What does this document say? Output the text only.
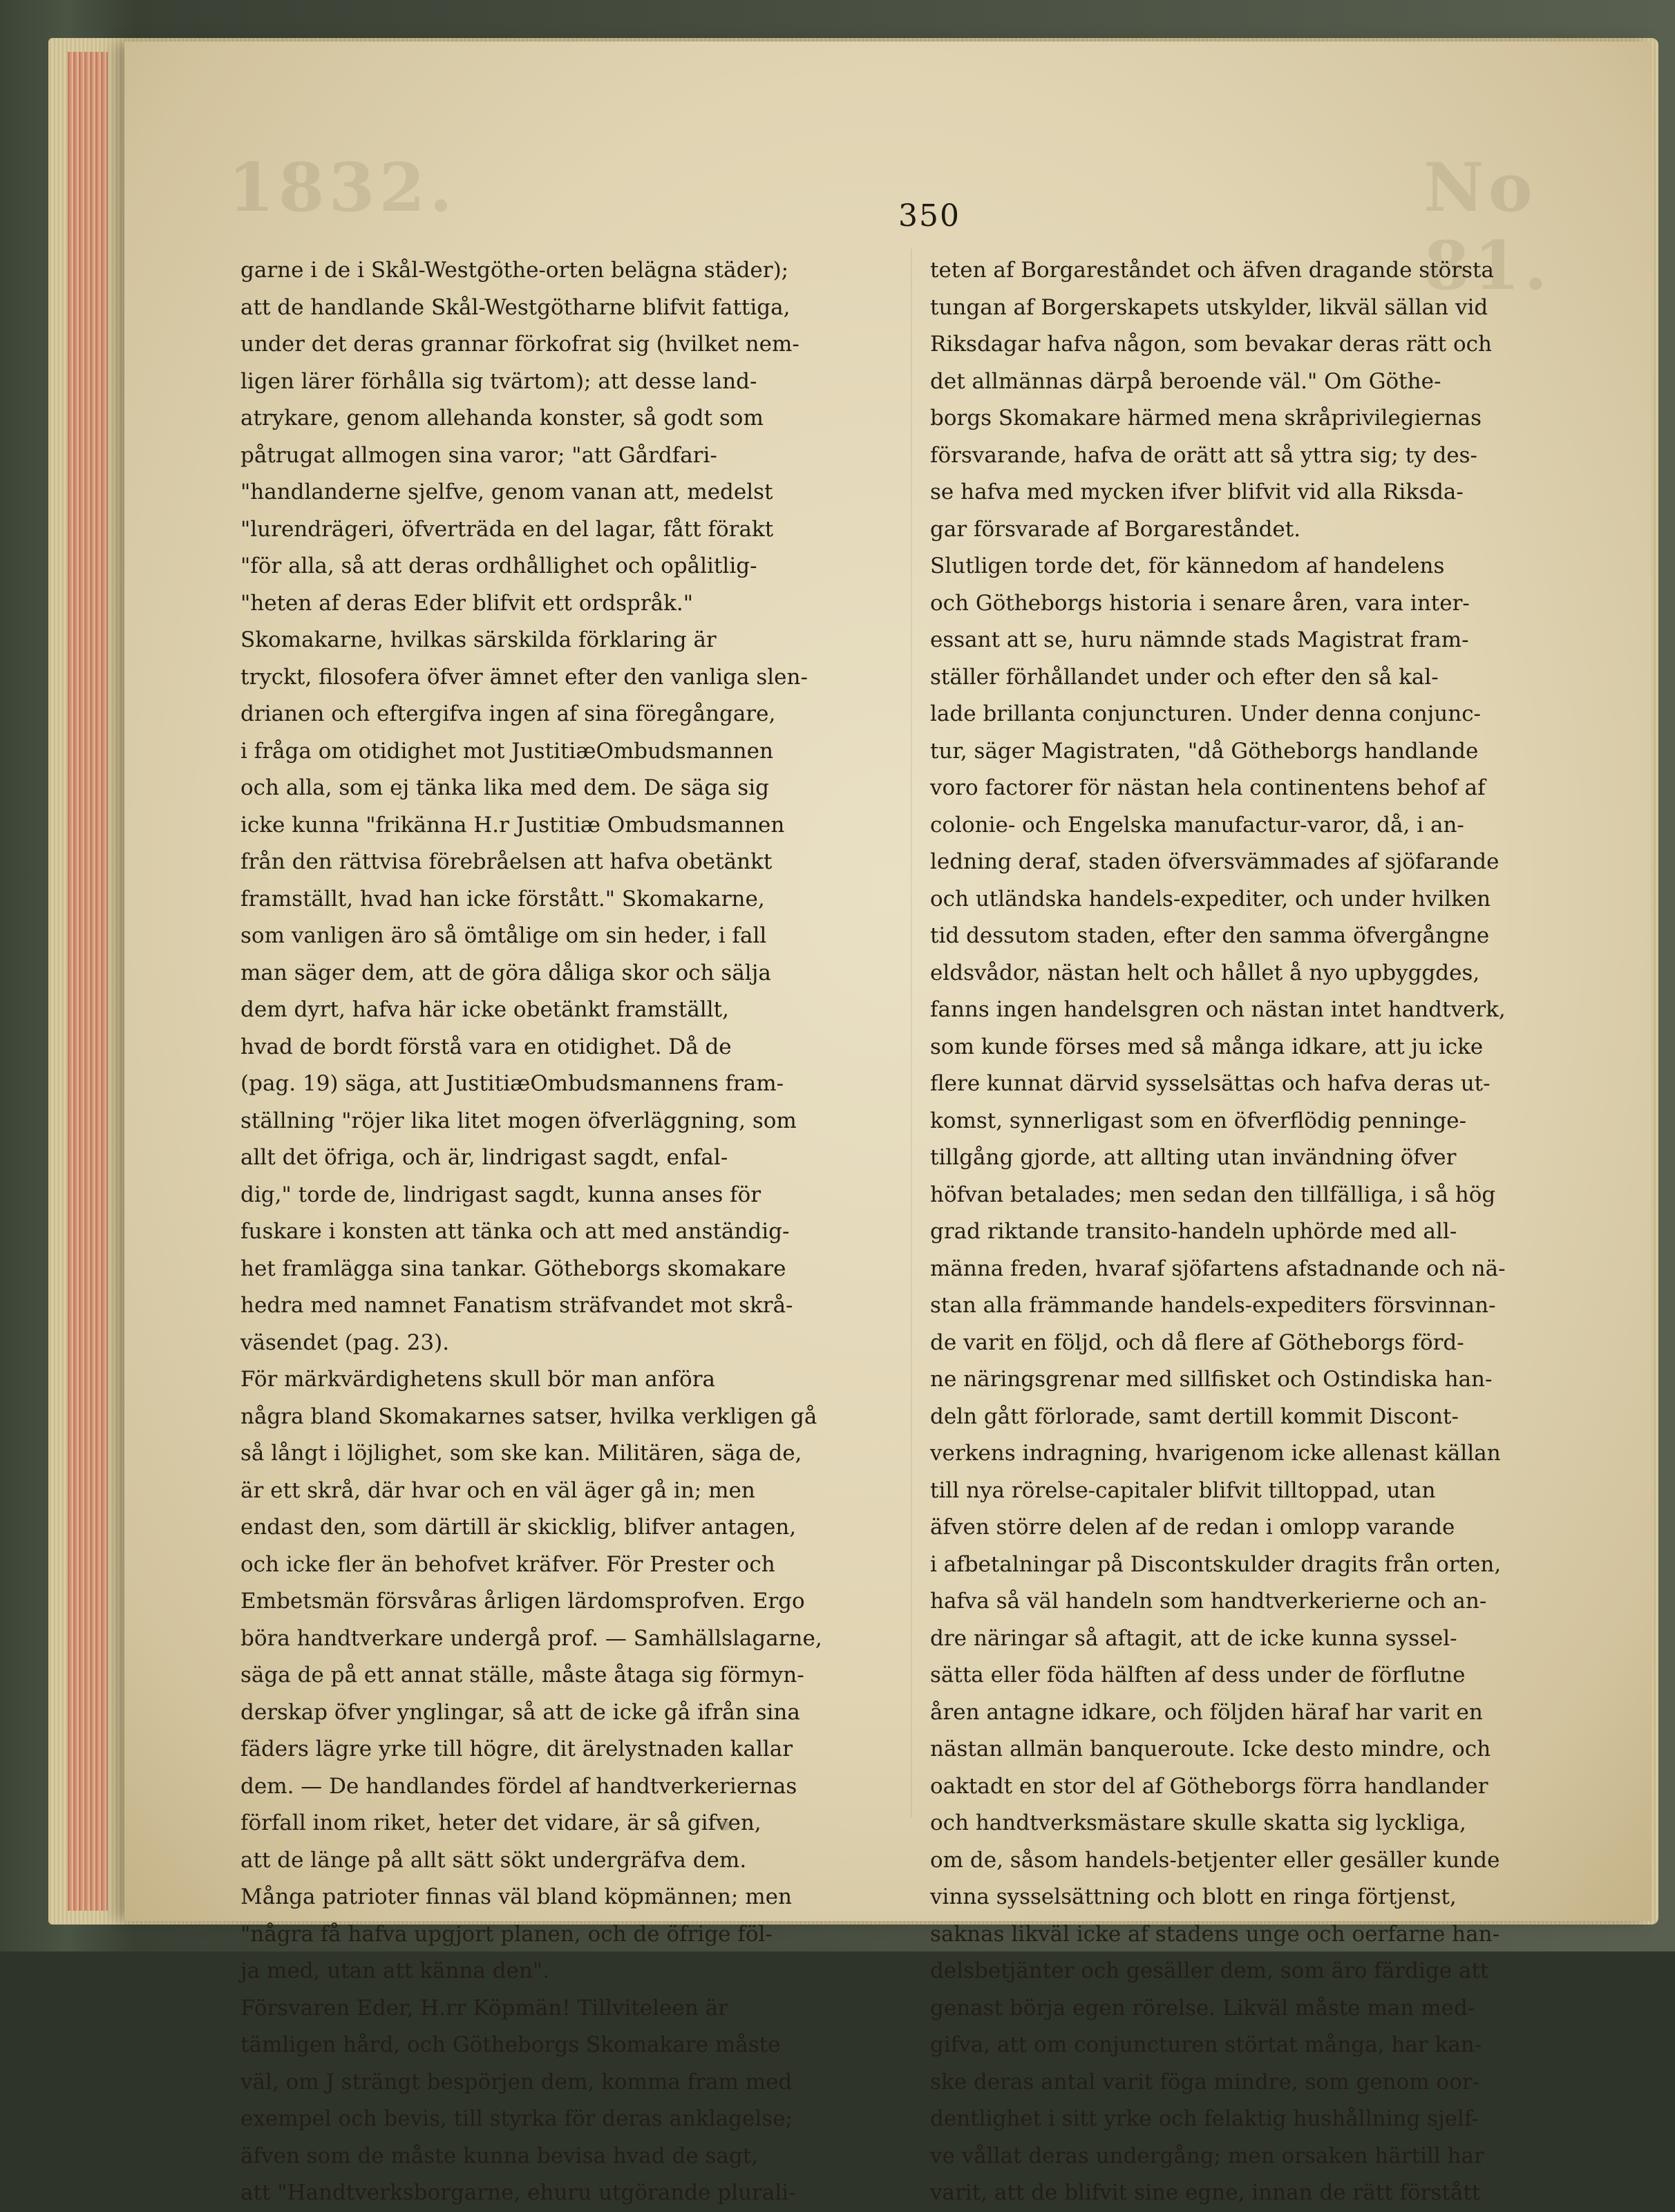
1832.	No 81.
350
garne i de i Skål-Westgöthe-orten belägna städer);
att de handlande Skål-Westgötharne blifvit fattiga,
under det deras grannar förkofrat sig (hvilket nem-
ligen lärer förhålla sig tvärtom); att desse land-
atrykare, genom allehanda konster, så godt som
påtrugat allmogen sina varor; "att Gårdfari-
"handlanderne sjelfve, genom vanan att, medelst
"lurendrägeri, öfverträda en del lagar, fått förakt
"för alla, så att deras ordhållighet och opålitlig-
"heten af deras Eder blifvit ett ordspråk."
Skomakarne, hvilkas särskilda förklaring är
tryckt, filosofera öfver ämnet efter den vanliga slen-
drianen och eftergifva ingen af sina föregångare,
i fråga om otidighet mot JustitiæOmbudsmannen
och alla, som ej tänka lika med dem. De säga sig
icke kunna "frikänna H.r Justitiæ Ombudsmannen
från den rättvisa förebråelsen att hafva obetänkt
framställt, hvad han icke förstått." Skomakarne,
som vanligen äro så ömtålige om sin heder, i fall
man säger dem, att de göra dåliga skor och sälja
dem dyrt, hafva här icke obetänkt framställt,
hvad de bordt förstå vara en otidighet. Då de
(pag. 19) säga, att JustitiæOmbudsmannens fram-
ställning "röjer lika litet mogen öfverläggning, som
allt det öfriga, och är, lindrigast sagdt, enfal-
dig," torde de, lindrigast sagdt, kunna anses för
fuskare i konsten att tänka och att med anständig-
het framlägga sina tankar. Götheborgs skomakare
hedra med namnet Fanatism sträfvandet mot skrå-
väsendet (pag. 23).
För märkvärdighetens skull bör man anföra
några bland Skomakarnes satser, hvilka verkligen gå
så långt i löjlighet, som ske kan. Militären, säga de,
är ett skrå, där hvar och en väl äger gå in; men
endast den, som därtill är skicklig, blifver antagen,
och icke fler än behofvet kräfver. För Prester och
Embetsmän försvåras årligen lärdomsprofven. Ergo
böra handtverkare undergå prof. — Samhällslagarne,
säga de på ett annat ställe, måste åtaga sig förmyn-
derskap öfver ynglingar, så att de icke gå ifrån sina
fäders lägre yrke till högre, dit ärelystnaden kallar
dem. — De handlandes fördel af handtverkeriernas
förfall inom riket, heter det vidare, är så gifven,
att de länge på allt sätt sökt undergräfva dem.
Många patrioter finnas väl bland köpmännen; men
"några få hafva upgjort planen, och de öfrige föl-
ja med, utan att känna den".
Försvaren Eder, H.rr Köpmän! Tillviteleen är
tämligen hård, och Götheborgs Skomakare måste
väl, om J strängt bespörjen dem, komma fram med
exempel och bevis, till styrka för deras anklagelse;
äfven som de måste kunna bevisa hvad de sagt,
att "Handtverksborgarne, ehuru utgörande plurali-
teten af Borgareståndet och äfven dragande största
tungan af Borgerskapets utskylder, likväl sällan vid
Riksdagar hafva någon, som bevakar deras rätt och
det allmännas därpå beroende väl." Om Göthe-
borgs Skomakare härmed mena skråprivilegiernas
försvarande, hafva de orätt att så yttra sig; ty des-
se hafva med mycken ifver blifvit vid alla Riksda-
gar försvarade af Borgareståndet.
Slutligen torde det, för kännedom af handelens
och Götheborgs historia i senare åren, vara inter-
essant att se, huru nämnde stads Magistrat fram-
ställer förhållandet under och efter den så kal-
lade brillanta conjuncturen. Under denna conjunc-
tur, säger Magistraten, "då Götheborgs handlande
voro factorer för nästan hela continentens behof af
colonie- och Engelska manufactur-varor, då, i an-
ledning deraf, staden öfversvämmades af sjöfarande
och utländska handels-expediter, och under hvilken
tid dessutom staden, efter den samma öfvergångne
eldsvådor, nästan helt och hållet å nyo upbyggdes,
fanns ingen handelsgren och nästan intet handtverk,
som kunde förses med så många idkare, att ju icke
flere kunnat därvid sysselsättas och hafva deras ut-
komst, synnerligast som en öfverflödig penninge-
tillgång gjorde, att allting utan invändning öfver
höfvan betalades; men sedan den tillfälliga, i så hög
grad riktande transito-handeln uphörde med all-
männa freden, hvaraf sjöfartens afstadnande och nä-
stan alla främmande handels-expediters försvinnan-
de varit en följd, och då flere af Götheborgs förd-
ne näringsgrenar med sillfisket och Ostindiska han-
deln gått förlorade, samt dertill kommit Discont-
verkens indragning, hvarigenom icke allenast källan
till nya rörelse-capitaler blifvit tilltoppad, utan
äfven större delen af de redan i omlopp varande
i afbetalningar på Discontskulder dragits från orten,
hafva så väl handeln som handtverkerierne och an-
dre näringar så aftagit, att de icke kunna syssel-
sätta eller föda hälften af dess under de förflutne
åren antagne idkare, och följden häraf har varit en
nästan allmän banqueroute. Icke desto mindre, och
oaktadt en stor del af Götheborgs förra handlander
och handtverksmästare skulle skatta sig lyckliga,
om de, såsom handels-betjenter eller gesäller kunde
vinna sysselsättning och blott en ringa förtjenst,
saknas likväl icke af stadens unge och oerfarne han-
delsbetjänter och gesäller dem, som äro färdige att
genast börja egen rörelse. Likväl måste man med-
gifva, att om conjuncturen störtat många, har kan-
ske deras antal varit föga mindre, som genom oor-
dentlighet i sitt yrke och felaktig hushållning sjelf-
ve vållat deras undergång; men orsaken härtill har
varit, att de blifvit sine egne, innan de rätt förstått
